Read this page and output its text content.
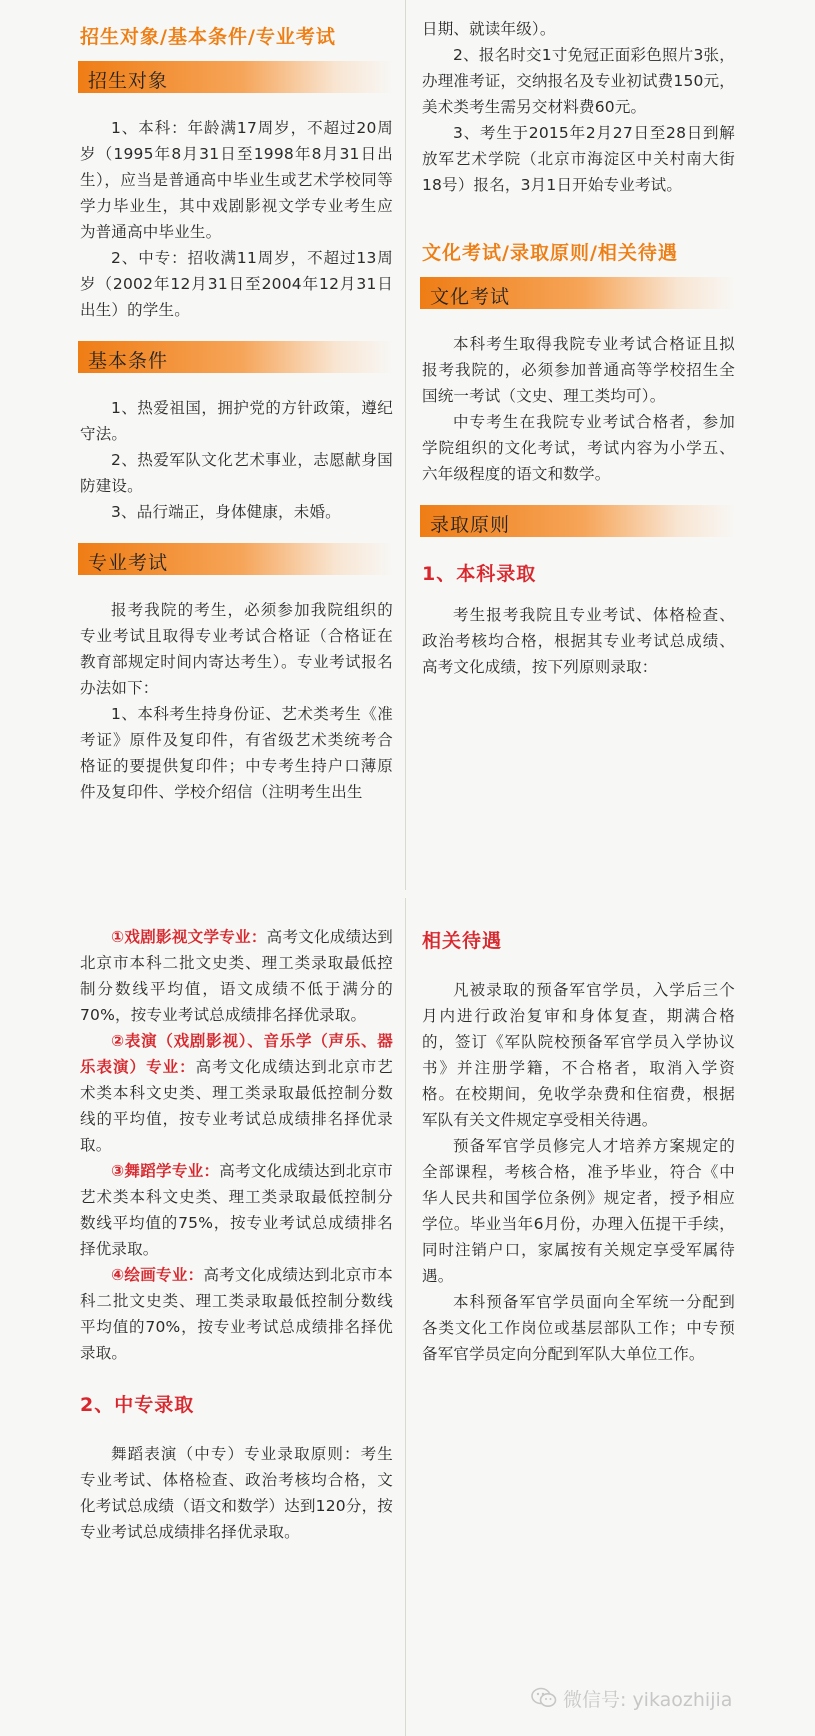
招生对象/基本条件/专业考试
招生对象

1、本科：年龄满17周岁，不超过20周岁（1995年8月31日至1998年8月31日出生），应当是普通高中毕业生或艺术学校同等学力毕业生，其中戏剧影视文学专业考生应为普通高中毕业生。

2、中专：招收满11周岁，不超过13周岁（2002年12月31日至2004年12月31日出生）的学生。

基本条件

1、热爱祖国，拥护党的方针政策，遵纪守法。

2、热爱军队文化艺术事业，志愿献身国防建设。

3、品行端正，身体健康，未婚。

专业考试

报考我院的考生，必须参加我院组织的专业考试且取得专业考试合格证（合格证在教育部规定时间内寄达考生）。专业考试报名办法如下：

1、本科考生持身份证、艺术类考生《准考证》原件及复印件，有省级艺术类统考合格证的要提供复印件；中专考生持户口薄原件及复印件、学校介绍信（注明考生出生

日期、就读年级）。

2、报名时交1寸免冠正面彩色照片3张，办理准考证，交纳报名及专业初试费150元，美术类考生需另交材料费60元。

3、考生于2015年2月27日至28日到解放军艺术学院（北京市海淀区中关村南大街18号）报名，3月1日开始专业考试。

文化考试/录取原则/相关待遇
文化考试

本科考生取得我院专业考试合格证且拟报考我院的，必须参加普通高等学校招生全国统一考试（文史、理工类均可）。

中专考生在我院专业考试合格者，参加学院组织的文化考试，考试内容为小学五、六年级程度的语文和数学。

录取原则
1、本科录取

考生报考我院且专业考试、体格检查、政治考核均合格，根据其专业考试总成绩、高考文化成绩，按下列原则录取：

①戏剧影视文学专业：高考文化成绩达到北京市本科二批文史类、理工类录取最低控制分数线平均值，语文成绩不低于满分的70%，按专业考试总成绩排名择优录取。

②表演（戏剧影视）、音乐学（声乐、器乐表演）专业：高考文化成绩达到北京市艺术类本科文史类、理工类录取最低控制分数线的平均值，按专业考试总成绩排名择优录取。

③舞蹈学专业：高考文化成绩达到北京市艺术类本科文史类、理工类录取最低控制分数线平均值的75%，按专业考试总成绩排名择优录取。

④绘画专业：高考文化成绩达到北京市本科二批文史类、理工类录取最低控制分数线平均值的70%，按专业考试总成绩排名择优录取。

2、中专录取

舞蹈表演（中专）专业录取原则：考生专业考试、体格检查、政治考核均合格，文化考试总成绩（语文和数学）达到120分，按专业考试总成绩排名择优录取。

相关待遇

凡被录取的预备军官学员，入学后三个月内进行政治复审和身体复查，期满合格的，签订《军队院校预备军官学员入学协议书》并注册学籍，不合格者，取消入学资格。在校期间，免收学杂费和住宿费，根据军队有关文件规定享受相关待遇。

预备军官学员修完人才培养方案规定的全部课程，考核合格，准予毕业，符合《中华人民共和国学位条例》规定者，授予相应学位。毕业当年6月份，办理入伍提干手续，同时注销户口，家属按有关规定享受军属待遇。

本科预备军官学员面向全军统一分配到各类文化工作岗位或基层部队工作；中专预备军官学员定向分配到军队大单位工作。

微信号: yikaozhijia
